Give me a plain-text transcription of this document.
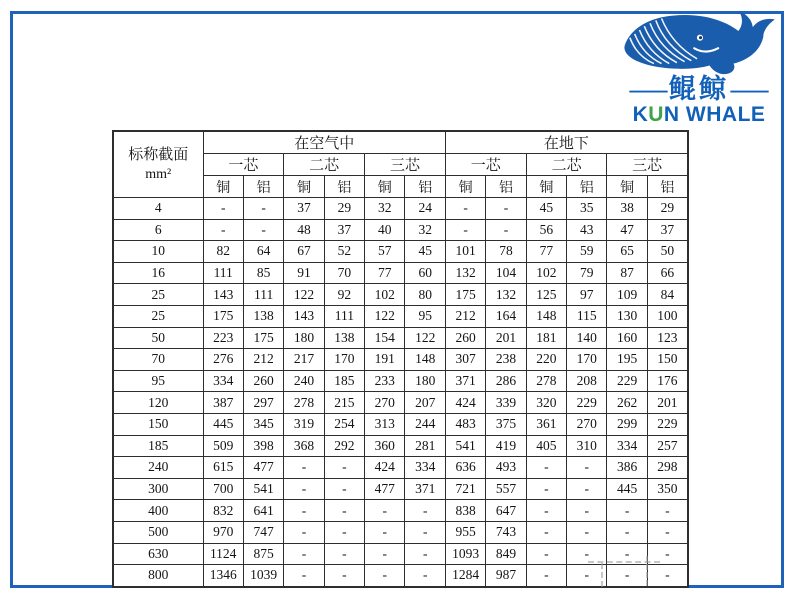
— 鲲鲸 —
KUN WHALE
标称截面
mm²	在空气中						在地下					
	一芯		二芯		三芯		一芯		二芯		三芯	
	铜	铝	铜	铝	铜	铝	铜	铝	铜	铝	铜	铝
4	-	-	37	29	32	24	-	-	45	35	38	29
6	-	-	48	37	40	32	-	-	56	43	47	37
10	82	64	67	52	57	45	101	78	77	59	65	50
16	111	85	91	70	77	60	132	104	102	79	87	66
25	143	111	122	92	102	80	175	132	125	97	109	84
25	175	138	143	111	122	95	212	164	148	115	130	100
50	223	175	180	138	154	122	260	201	181	140	160	123
70	276	212	217	170	191	148	307	238	220	170	195	150
95	334	260	240	185	233	180	371	286	278	208	229	176
120	387	297	278	215	270	207	424	339	320	229	262	201
150	445	345	319	254	313	244	483	375	361	270	299	229
185	509	398	368	292	360	281	541	419	405	310	334	257
240	615	477	-	-	424	334	636	493	-	-	386	298
300	700	541	-	-	477	371	721	557	-	-	445	350
400	832	641	-	-	-	-	838	647	-	-	-	-
500	970	747	-	-	-	-	955	743	-	-	-	-
630	1124	875	-	-	-	-	1093	849	-	-	-	-
800	1346	1039	-	-	-	-	1284	987	-	-	-	-
